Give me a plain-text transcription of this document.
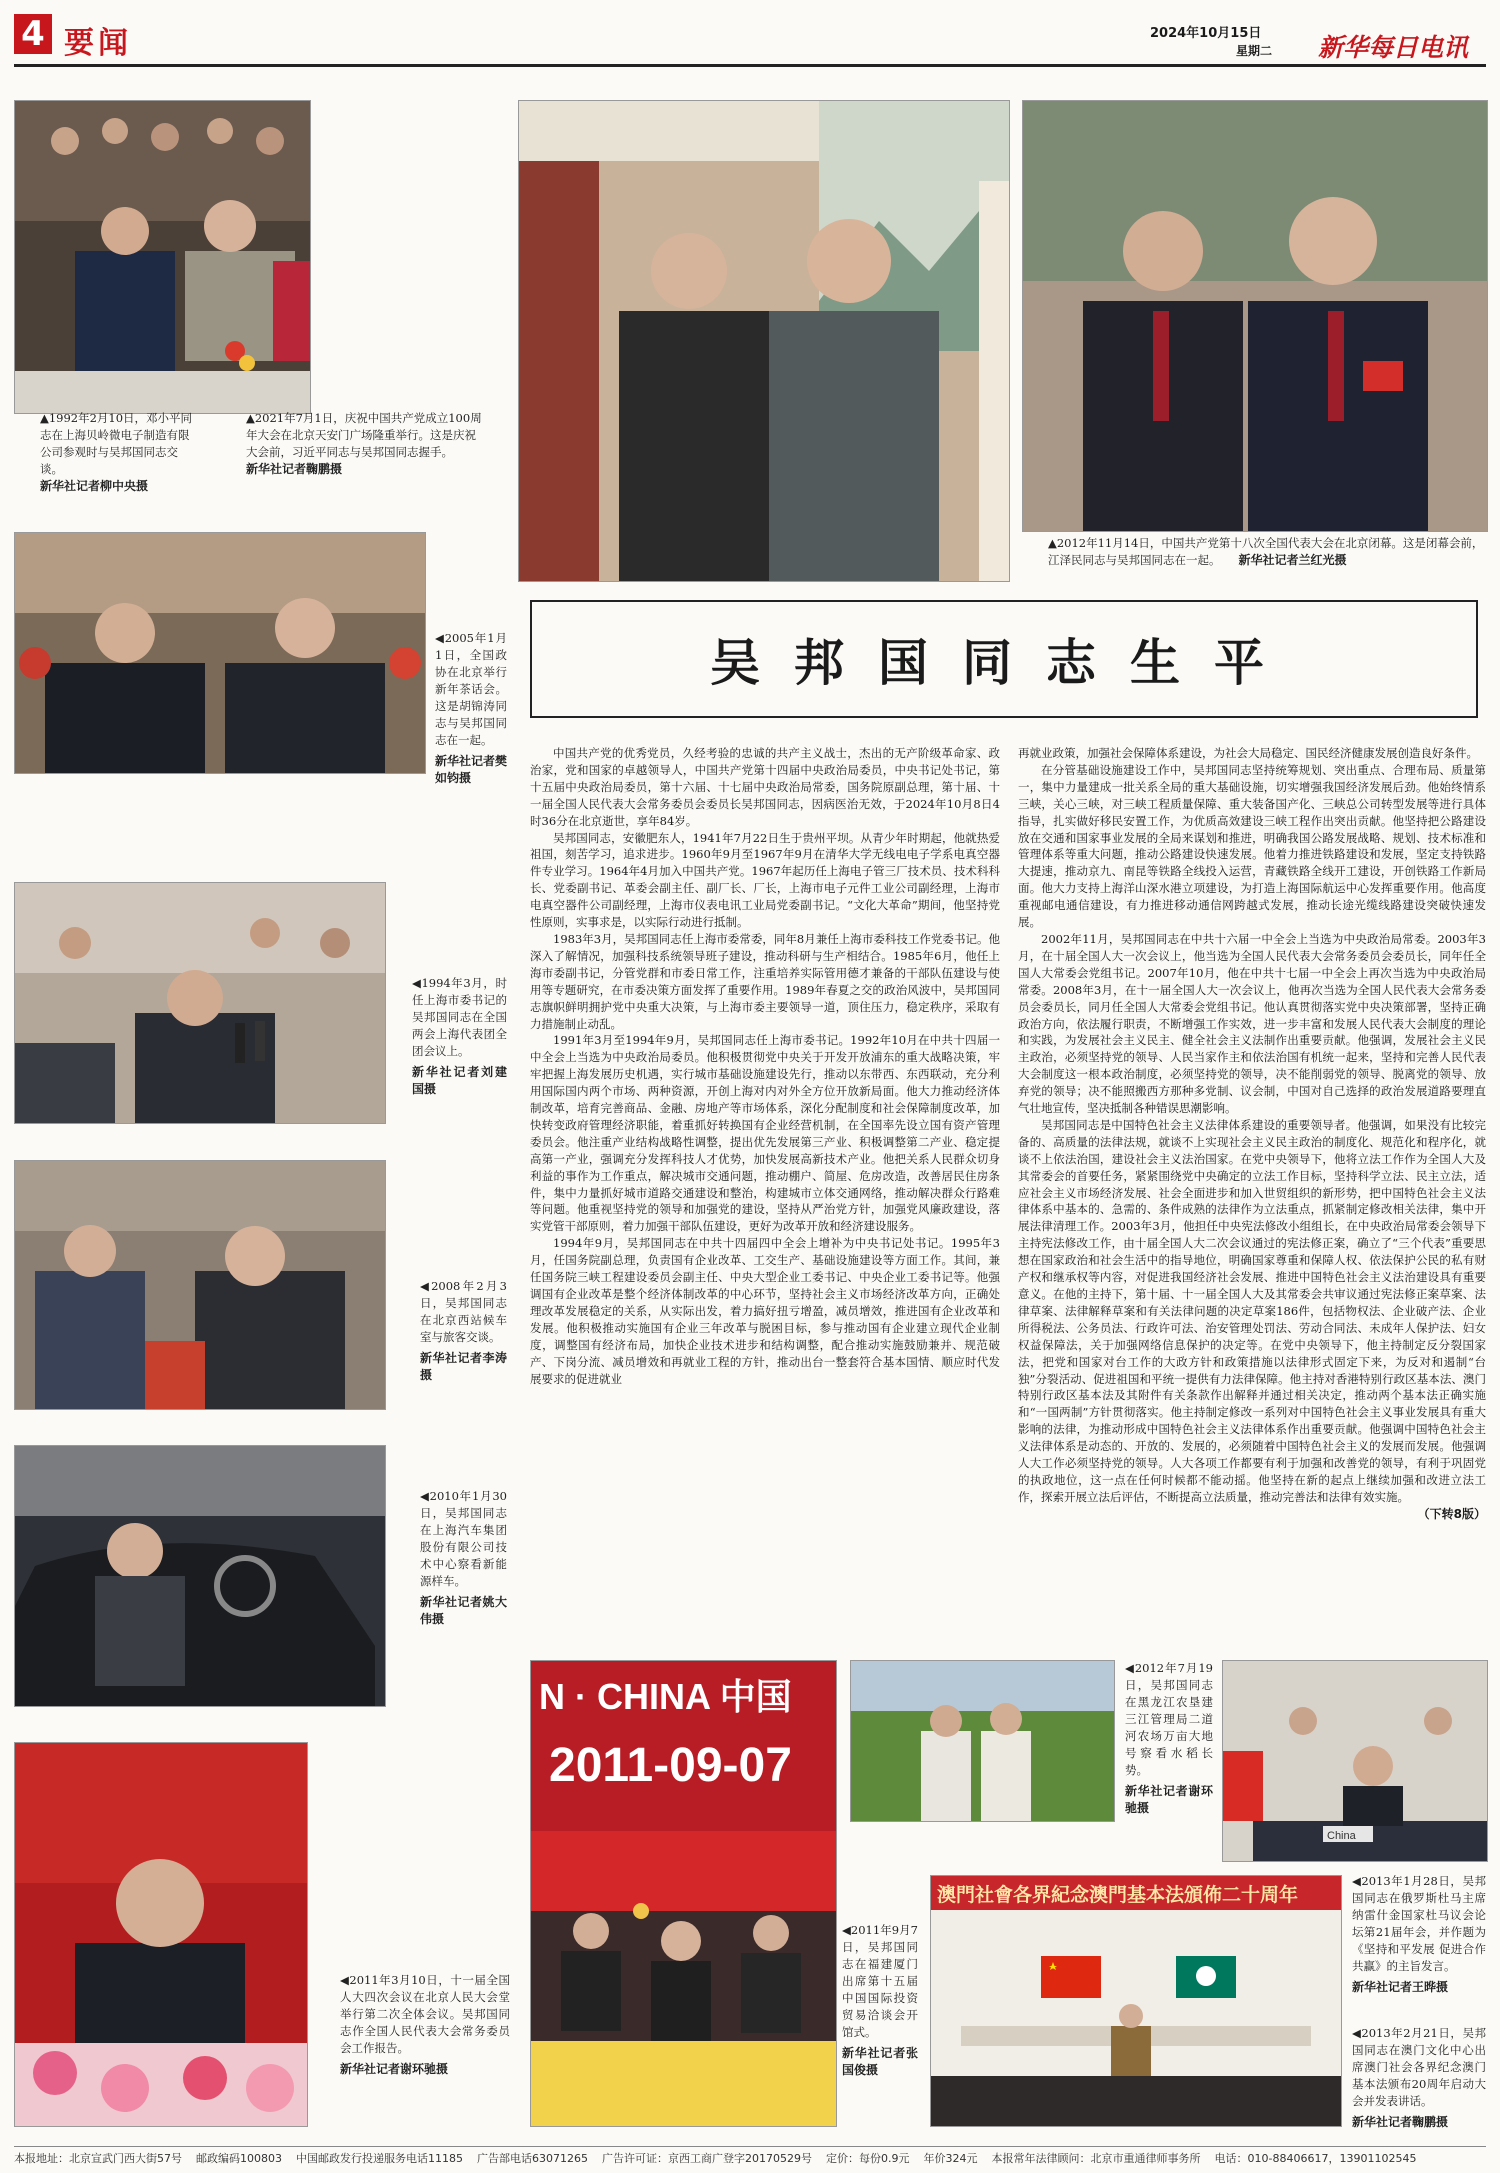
4 要闻	2024年10月15日
星期二 新华每日电讯
▲1992年2月10日，邓小平同志在上海贝岭微电子制造有限公司参观时与吴邦国同志交谈。
新华社记者柳中央摄
▲2021年7月1日，庆祝中国共产党成立100周年大会在北京天安门广场隆重举行。这是庆祝大会前，习近平同志与吴邦国同志握手。
新华社记者鞠鹏摄
▲2012年11月14日，中国共产党第十八次全国代表大会在北京闭幕。这是闭幕会前，江泽民同志与吴邦国同志在一起。 新华社记者兰红光摄
吴邦国同志生平
◀2005年1月1日，全国政协在北京举行新年茶话会。这是胡锦涛同志与吴邦国同志在一起。
新华社记者樊如钧摄
◀1994年3月，时任上海市委书记的吴邦国同志在全国两会上海代表团全团会议上。
新华社记者刘建国摄
◀2008年2月3日，吴邦国同志在北京西站候车室与旅客交谈。
新华社记者李涛摄
◀2010年1月30日，吴邦国同志在上海汽车集团股份有限公司技术中心察看新能源样车。
新华社记者姚大伟摄
◀2011年3月10日，十一届全国人大四次会议在北京人民大会堂举行第二次全体会议。吴邦国同志作全国人民代表大会常务委员会工作报告。
新华社记者谢环驰摄

中国共产党的优秀党员，久经考验的忠诚的共产主义战士，杰出的无产阶级革命家、政治家，党和国家的卓越领导人，中国共产党第十四届中央政治局委员，中央书记处书记，第十五届中央政治局委员，第十六届、十七届中央政治局常委，国务院原副总理，第十届、十一届全国人民代表大会常务委员会委员长吴邦国同志，因病医治无效，于2024年10月8日4时36分在北京逝世，享年84岁。

吴邦国同志，安徽肥东人，1941年7月22日生于贵州平坝。从青少年时期起，他就热爱祖国，刻苦学习，追求进步。1960年9月至1967年9月在清华大学无线电电子学系电真空器件专业学习。1964年4月加入中国共产党。1967年起历任上海电子管三厂技术员、技术科科长、党委副书记、革委会副主任、副厂长、厂长，上海市电子元件工业公司副经理，上海市电真空器件公司副经理，上海市仪表电讯工业局党委副书记。“文化大革命”期间，他坚持党性原则，实事求是，以实际行动进行抵制。

1983年3月，吴邦国同志任上海市委常委，同年8月兼任上海市委科技工作党委书记。他深入了解情况，加强科技系统领导班子建设，推动科研与生产相结合。1985年6月，他任上海市委副书记，分管党群和市委日常工作，注重培养实际管用德才兼备的干部队伍建设与使用等专题研究，在市委决策方面发挥了重要作用。1989年春夏之交的政治风波中，吴邦国同志旗帜鲜明拥护党中央重大决策，与上海市委主要领导一道，顶住压力，稳定秩序，采取有力措施制止动乱。

1991年3月至1994年9月，吴邦国同志任上海市委书记。1992年10月在中共十四届一中全会上当选为中央政治局委员。他积极贯彻党中央关于开发开放浦东的重大战略决策，牢牢把握上海发展历史机遇，实行城市基础设施建设先行，推动以东带西、东西联动，充分利用国际国内两个市场、两种资源，开创上海对内对外全方位开放新局面。他大力推动经济体制改革，培育完善商品、金融、房地产等市场体系，深化分配制度和社会保障制度改革，加快转变政府管理经济职能，着重抓好转换国有企业经营机制，在全国率先设立国有资产管理委员会。他注重产业结构战略性调整，提出优先发展第三产业、积极调整第二产业、稳定提高第一产业，强调充分发挥科技人才优势，加快发展高新技术产业。他把关系人民群众切身利益的事作为工作重点，解决城市交通问题，推动棚户、简屋、危房改造，改善居民住房条件，集中力量抓好城市道路交通建设和整治，构建城市立体交通网络，推动解决群众行路难等问题。他重视坚持党的领导和加强党的建设，坚持从严治党方针，加强党风廉政建设，落实党管干部原则，着力加强干部队伍建设，更好为改革开放和经济建设服务。

1994年9月，吴邦国同志在中共十四届四中全会上增补为中央书记处书记。1995年3月，任国务院副总理，负责国有企业改革、工交生产、基础设施建设等方面工作。其间，兼任国务院三峡工程建设委员会副主任、中央大型企业工委书记、中央企业工委书记等。他强调国有企业改革是整个经济体制改革的中心环节，坚持社会主义市场经济改革方向，正确处理改革发展稳定的关系，从实际出发，着力搞好扭亏增盈，减员增效，推进国有企业改革和发展。他积极推动实施国有企业三年改革与脱困目标，参与推动国有企业建立现代企业制度，调整国有经济布局，加快企业技术进步和结构调整，配合推动实施鼓励兼并、规范破产、下岗分流、减员增效和再就业工程的方针，推动出台一整套符合基本国情、顺应时代发展要求的促进就业

再就业政策，加强社会保障体系建设，为社会大局稳定、国民经济健康发展创造良好条件。

在分管基础设施建设工作中，吴邦国同志坚持统筹规划、突出重点、合理布局、质量第一，集中力量建成一批关系全局的重大基础设施，切实增强我国经济发展后劲。他始终情系三峡，关心三峡，对三峡工程质量保障、重大装备国产化、三峡总公司转型发展等进行具体指导，扎实做好移民安置工作，为优质高效建设三峡工程作出突出贡献。他坚持把公路建设放在交通和国家事业发展的全局来谋划和推进，明确我国公路发展战略、规划、技术标准和管理体系等重大问题，推动公路建设快速发展。他着力推进铁路建设和发展，坚定支持铁路大提速，推动京九、南昆等铁路全线投入运营，青藏铁路全线开工建设，开创铁路工作新局面。他大力支持上海洋山深水港立项建设，为打造上海国际航运中心发挥重要作用。他高度重视邮电通信建设，有力推进移动通信网跨越式发展，推动长途光缆线路建设突破快速发展。

2002年11月，吴邦国同志在中共十六届一中全会上当选为中央政治局常委。2003年3月，在十届全国人大一次会议上，他当选为全国人民代表大会常务委员会委员长，同年任全国人大常委会党组书记。2007年10月，他在中共十七届一中全会上再次当选为中央政治局常委。2008年3月，在十一届全国人大一次会议上，他再次当选为全国人民代表大会常务委员会委员长，同月任全国人大常委会党组书记。他认真贯彻落实党中央决策部署，坚持正确政治方向，依法履行职责，不断增强工作实效，进一步丰富和发展人民代表大会制度的理论和实践，为发展社会主义民主、健全社会主义法制作出重要贡献。他强调，发展社会主义民主政治，必须坚持党的领导、人民当家作主和依法治国有机统一起来，坚持和完善人民代表大会制度这一根本政治制度，必须坚持党的领导，决不能削弱党的领导、脱离党的领导、放弃党的领导；决不能照搬西方那种多党制、议会制，中国对自己选择的政治发展道路要理直气壮地宣传，坚决抵制各种错误思潮影响。

吴邦国同志是中国特色社会主义法律体系建设的重要领导者。他强调，如果没有比较完备的、高质量的法律法规，就谈不上实现社会主义民主政治的制度化、规范化和程序化，就谈不上依法治国，建设社会主义法治国家。在党中央领导下，他将立法工作作为全国人大及其常委会的首要任务，紧紧围绕党中央确定的立法工作目标，坚持科学立法、民主立法，适应社会主义市场经济发展、社会全面进步和加入世贸组织的新形势，把中国特色社会主义法律体系中基本的、急需的、条件成熟的法律作为立法重点，抓紧制定修改相关法律，集中开展法律清理工作。2003年3月，他担任中央宪法修改小组组长，在中央政治局常委会领导下主持宪法修改工作，由十届全国人大二次会议通过的宪法修正案，确立了“三个代表”重要思想在国家政治和社会生活中的指导地位，明确国家尊重和保障人权、依法保护公民的私有财产权和继承权等内容，对促进我国经济社会发展、推进中国特色社会主义法治建设具有重要意义。在他的主持下，第十届、十一届全国人大及其常委会共审议通过宪法修正案草案、法律草案、法律解释草案和有关法律问题的决定草案186件，包括物权法、企业破产法、企业所得税法、公务员法、行政许可法、治安管理处罚法、劳动合同法、未成年人保护法、妇女权益保障法，关于加强网络信息保护的决定等。在党中央领导下，他主持制定反分裂国家法，把党和国家对台工作的大政方针和政策措施以法律形式固定下来，为反对和遏制“台独”分裂活动、促进祖国和平统一提供有力法律保障。他主持对香港特别行政区基本法、澳门特别行政区基本法及其附件有关条款作出解释并通过相关决定，推动两个基本法正确实施和“一国两制”方针贯彻落实。他主持制定修改一系列对中国特色社会主义事业发展具有重大影响的法律，为推动形成中国特色社会主义法律体系作出重要贡献。他强调中国特色社会主义法律体系是动态的、开放的、发展的，必须随着中国特色社会主义的发展而发展。他强调人大工作必须坚持党的领导。人大各项工作都要有利于加强和改善党的领导，有利于巩固党的执政地位，这一点在任何时候都不能动摇。他坚持在新的起点上继续加强和改进立法工作，探索开展立法后评估，不断提高立法质量，推动完善法和法律有效实施。

（下转8版）
N · CHINA 中国
2011-09-07
◀2011年9月7日，吴邦国同志在福建厦门出席第十五届中国国际投资贸易洽谈会开馆式。
新华社记者张国俊摄
◀2012年7月19日，吴邦国同志在黑龙江农垦建三江管理局二道河农场万亩大地号察看水稻长势。
新华社记者谢环驰摄
China
◀2013年1月28日，吴邦国同志在俄罗斯杜马主席纳雷什金国家杜马议会论坛第21届年会，并作题为《坚持和平发展 促进合作共赢》的主旨发言。
新华社记者王晔摄
澳門社會各界紀念澳門基本法頒佈二十周年
◀2013年2月21日，吴邦国同志在澳门文化中心出席澳门社会各界纪念澳门基本法颁布20周年启动大会并发表讲话。
新华社记者鞠鹏摄
本报地址：北京宣武门西大街57号 邮政编码100803 中国邮政发行投递服务电话11185 广告部电话63071265 广告许可证：京西工商广登字20170529号 定价：每份0.9元 年价324元 本报常年法律顾问：北京市重通律师事务所 电话：010-88406617，13901102545
